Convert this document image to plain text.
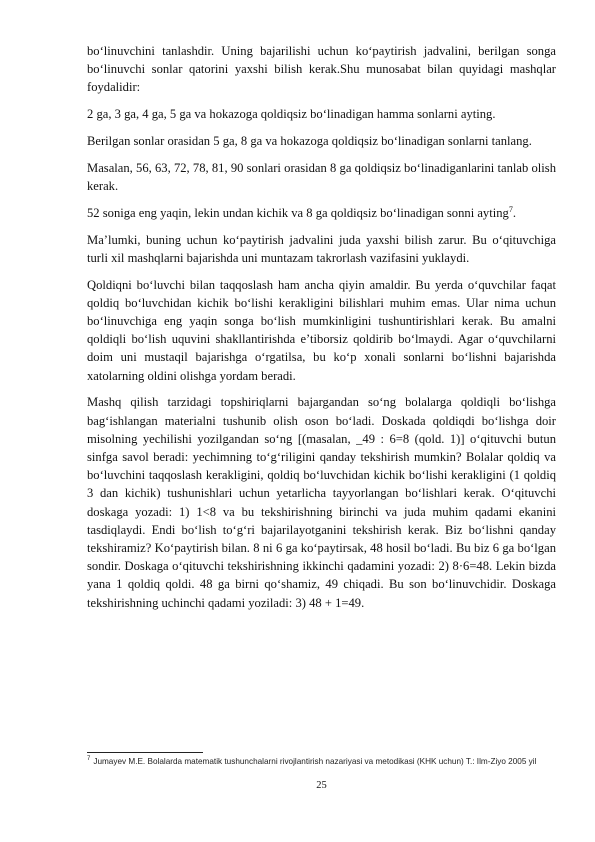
bo‘linuvchini tanlashdir. Uning bajarilishi uchun ko‘paytirish jadvalini, berilgan songa bo‘linuvchi sonlar qatorini yaxshi bilish kerak.Shu munosabat bilan quyidagi mashqlar foydalidir:

2 ga, 3 ga, 4 ga, 5 ga va hokazoga qoldiqsiz bo‘linadigan hamma sonlarni ayting.

Berilgan sonlar orasidan 5 ga, 8 ga va hokazoga qoldiqsiz bo‘linadigan sonlarni tanlang.

Masalan, 56, 63, 72, 78, 81, 90 sonlari orasidan 8 ga qoldiqsiz bo‘linadiganlarini tanlab olish kerak.

52 soniga eng yaqin, lekin undan kichik va 8 ga qoldiqsiz bo‘linadigan sonni ayting$^7$.

Ma’lumki, buning uchun ko‘paytirish jadvalini juda yaxshi bilish zarur. Bu o‘qituvchiga turli xil mashqlarni bajarishda uni muntazam takrorlash vazifasini yuklaydi.

Qoldiqni bo‘luvchi bilan taqqoslash ham ancha qiyin amaldir. Bu yerda o‘quvchilar faqat qoldiq bo‘luvchidan kichik bo‘lishi kerakligini bilishlari muhim emas. Ular nima uchun bo‘linuvchiga eng yaqin songa bo‘lish mumkinligini tushuntirishlari kerak. Bu amalni qoldiqli bo‘lish uquvini shakllantirishda e’tiborsiz qoldirib bo‘lmaydi. Agar o‘quvchilarni doim uni mustaqil bajarishga o‘rgatilsa, bu ko‘p xonali sonlarni bo‘lishni bajarishda xatolarning oldini olishga yordam beradi.

Mashq qilish tarzidagi topshiriqlarni bajargandan so‘ng bolalarga qoldiqli bo‘lishga bag‘ishlangan materialni tushunib olish oson bo‘ladi. Doskada qoldiqdi bo‘lishga doir misolning yechilishi yozilgandan so‘ng [(masalan, _49 : 6=8 (qold. 1)] o‘qituvchi butun sinfga savol beradi: yechimning to‘g‘riligini qanday tekshirish mumkin? Bolalar qoldiq va bo‘luvchini taqqoslash kerakligini, qoldiq bo‘luvchidan kichik bo‘lishi kerakligini (1 qoldiq 3 dan kichik) tushunishlari uchun yetarlicha tayyorlangan bo‘lishlari kerak. O‘qituvchi doskaga yozadi: 1) 1<8 va bu tekshirishning birinchi va juda muhim qadami ekanini tasdiqlaydi. Endi bo‘lish to‘g‘ri bajarilayotganini tekshirish kerak. Biz bo‘lishni qanday tekshiramiz? Ko‘paytirish bilan. 8 ni 6 ga ko‘paytirsak, 48 hosil bo‘ladi. Bu biz 6 ga bo‘lgan sondir. Doskaga o‘qituvchi tekshirishning ikkinchi qadamini yozadi: 2) 8·6=48. Lekin bizda yana 1 qoldiq qoldi. 48 ga birni qo‘shamiz, 49 chiqadi. Bu son bo‘linuvchidir. Doskaga tekshirishning uchinchi qadami yoziladi: 3) 48 + 1=49.

$^7$ Jumayev M.E. Bolalarda matematik tushunchalarni rivojlantirish nazariyasi va metodikasi (KHK uchun) T.: Ilm-Ziyo 2005 yil
25
